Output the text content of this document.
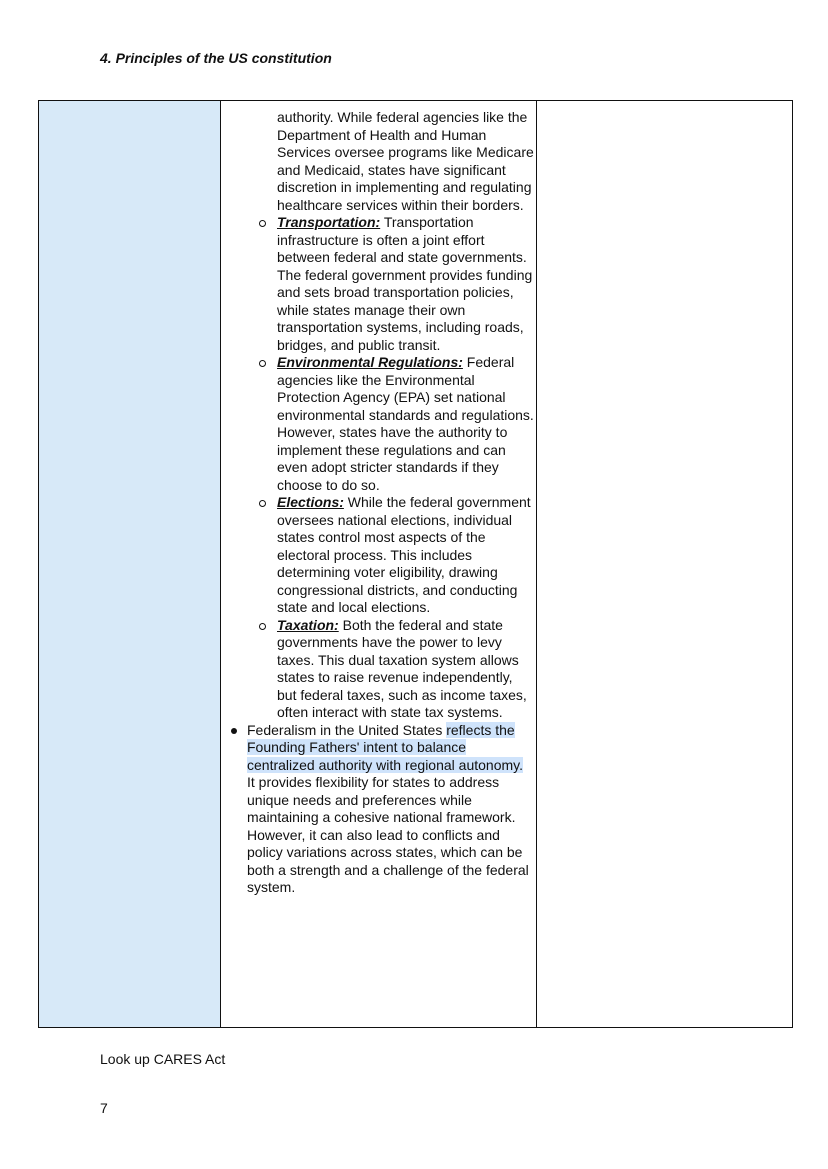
4. Principles of the US constitution
authority. While federal agencies like the Department of Health and Human Services oversee programs like Medicare and Medicaid, states have significant discretion in implementing and regulating healthcare services within their borders.
Transportation: Transportation infrastructure is often a joint effort between federal and state governments. The federal government provides funding and sets broad transportation policies, while states manage their own transportation systems, including roads, bridges, and public transit.
Environmental Regulations: Federal agencies like the Environmental Protection Agency (EPA) set national environmental standards and regulations. However, states have the authority to implement these regulations and can even adopt stricter standards if they choose to do so.
Elections: While the federal government oversees national elections, individual states control most aspects of the electoral process. This includes determining voter eligibility, drawing congressional districts, and conducting state and local elections.
Taxation: Both the federal and state governments have the power to levy taxes. This dual taxation system allows states to raise revenue independently, but federal taxes, such as income taxes, often interact with state tax systems.
Federalism in the United States reflects the Founding Fathers' intent to balance centralized authority with regional autonomy. It provides flexibility for states to address unique needs and preferences while maintaining a cohesive national framework. However, it can also lead to conflicts and policy variations across states, which can be both a strength and a challenge of the federal system.
Look up CARES Act
7
